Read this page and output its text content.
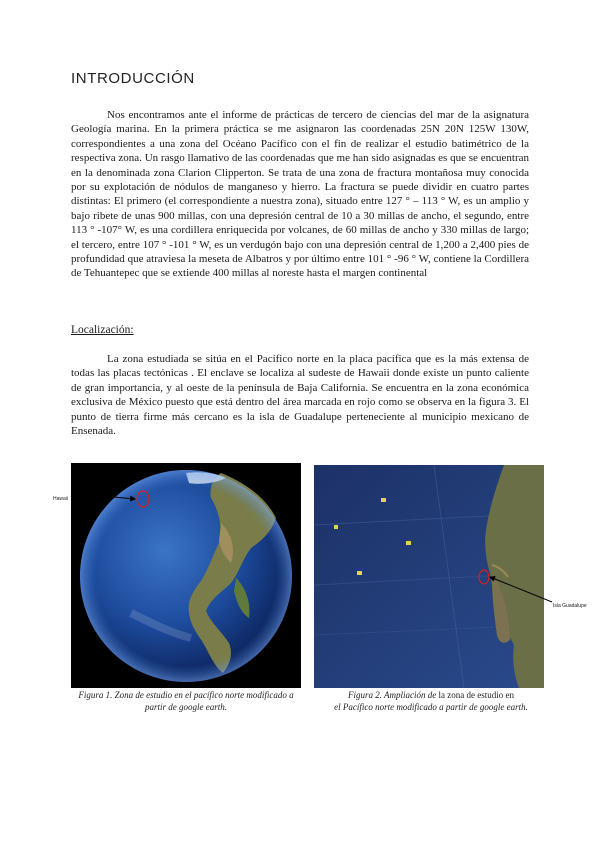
INTRODUCCIÓN

Nos encontramos ante el informe de prácticas de tercero de ciencias del mar de la asignatura Geología marina. En la primera práctica se me asignaron las coordenadas 25N 20N 125W 130W, correspondientes a una zona del Océano Pacífico con el fin de realizar el estudio batimétrico de la respectiva zona. Un rasgo llamativo de las coordenadas que me han sido asignadas es que se encuentran en la denominada zona Clarion Clipperton. Se trata de una zona de fractura montañosa muy conocida por su explotación de nódulos de manganeso y hierro. La fractura se puede dividir en cuatro partes distintas: El primero (el correspondiente a nuestra zona), situado entre 127 ° – 113 ° W, es un amplio y bajo ribete de unas 900 millas, con una depresión central de 10 a 30 millas de ancho, el segundo, entre 113 ° -107° W, es una cordillera enriquecida por volcanes, de 60 millas de ancho y 330 millas de largo; el tercero, entre 107 ° -101 ° W, es un verdugón bajo con una depresión central de 1,200 a 2,400 pies de profundidad que atraviesa la meseta de Albatros y por último entre 101 ° -96 ° W, contiene la Cordillera de Tehuantepec que se extiende 400 millas al noreste hasta el margen continental

Localización:

La zona estudiada se sitúa en el Pacífico norte en la placa pacífica que es la más extensa de todas las placas tectónicas . El enclave se localiza al sudeste de Hawaii donde existe un punto caliente de gran importancia, y al oeste de la península de Baja California. Se encuentra en la zona económica exclusiva de México puesto que está dentro del área marcada en rojo como se observa en la figura 3. El punto de tierra firme más cercano es la isla de Guadalupe perteneciente al municipio mexicano de Ensenada.

Hawaii
Isla Guadalupe

Figura 1. Zona de estudio en el pacífico norte modificado a partir de google earth.

Figura 2. Ampliación de la zona de estudio en
el Pacífico norte modificado a partir de google earth.
